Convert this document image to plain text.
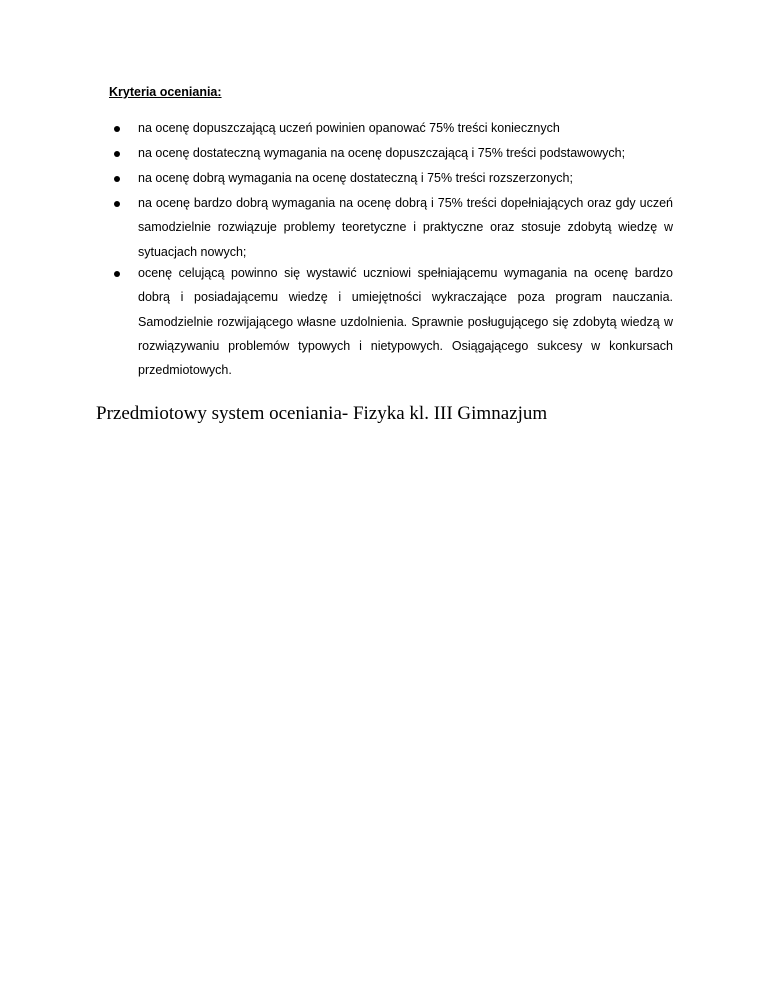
Kryteria oceniania:
na ocenę dopuszczającą uczeń powinien opanować 75% treści koniecznych
na ocenę dostateczną wymagania na ocenę dopuszczającą i 75% treści podstawowych;
na ocenę dobrą wymagania na ocenę dostateczną i 75% treści rozszerzonych;
na ocenę bardzo dobrą wymagania na ocenę dobrą i 75% treści dopełniających oraz gdy uczeń samodzielnie rozwiązuje problemy teoretyczne i praktyczne oraz stosuje zdobytą wiedzę w sytuacjach nowych;
ocenę celującą powinno się wystawić uczniowi spełniającemu wymagania na ocenę bardzo dobrą i posiadającemu wiedzę i umiejętności wykraczające poza program nauczania. Samodzielnie rozwijającego własne uzdolnienia. Sprawnie posługującego się zdobytą wiedzą w rozwiązywaniu problemów typowych i nietypowych. Osiągającego sukcesy w konkursach przedmiotowych.
Przedmiotowy system oceniania- Fizyka kl. III Gimnazjum
